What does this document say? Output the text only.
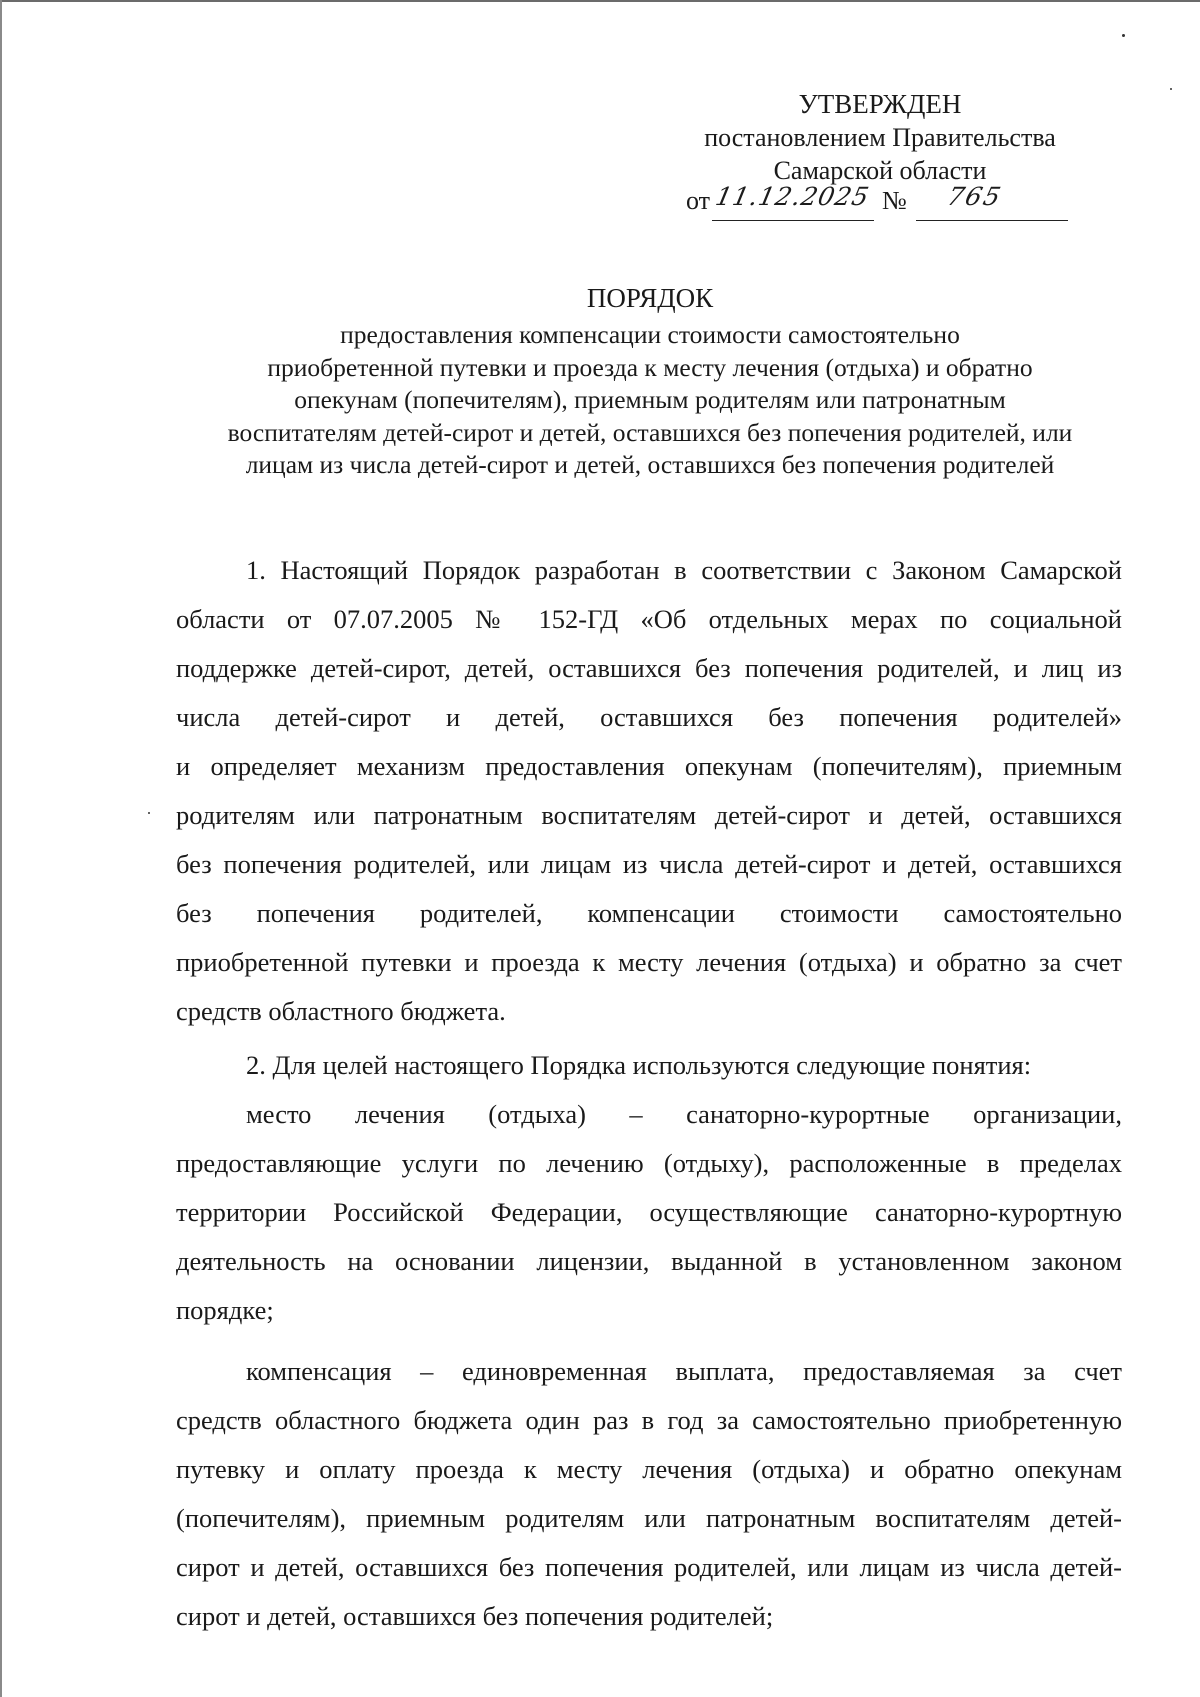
УТВЕРЖДЕН
постановлением Правительства
Самарской области
от 11.12.2025 № 765
ПОРЯДОК
предоставления компенсации стоимости самостоятельно
приобретенной путевки и проезда к месту лечения (отдыха) и обратно
опекунам (попечителям), приемным родителям или патронатным
воспитателям детей-сирот и детей, оставшихся без попечения родителей, или
лицам из числа детей-сирот и детей, оставшихся без попечения родителей
1. Настоящий Порядок разработан в соответствии с Законом Самарской
области от 07.07.2005 № 152-ГД «Об отдельных мерах по социальной
поддержке детей-сирот, детей, оставшихся без попечения родителей, и лиц из
числа детей-сирот и детей, оставшихся без попечения родителей»
и определяет механизм предоставления опекунам (попечителям), приемным
родителям или патронатным воспитателям детей-сирот и детей, оставшихся
без попечения родителей, или лицам из числа детей-сирот и детей, оставшихся
без попечения родителей, компенсации стоимости самостоятельно
приобретенной путевки и проезда к месту лечения (отдыха) и обратно за счет
средств областного бюджета.
2. Для целей настоящего Порядка используются следующие понятия:
место лечения (отдыха) – санаторно-курортные организации,
предоставляющие услуги по лечению (отдыху), расположенные в пределах
территории Российской Федерации, осуществляющие санаторно-курортную
деятельность на основании лицензии, выданной в установленном законом
порядке;
компенсация – единовременная выплата, предоставляемая за счет
средств областного бюджета один раз в год за самостоятельно приобретенную
путевку и оплату проезда к месту лечения (отдыха) и обратно опекунам
(попечителям), приемным родителям или патронатным воспитателям детей-
сирот и детей, оставшихся без попечения родителей, или лицам из числа детей-
сирот и детей, оставшихся без попечения родителей;
